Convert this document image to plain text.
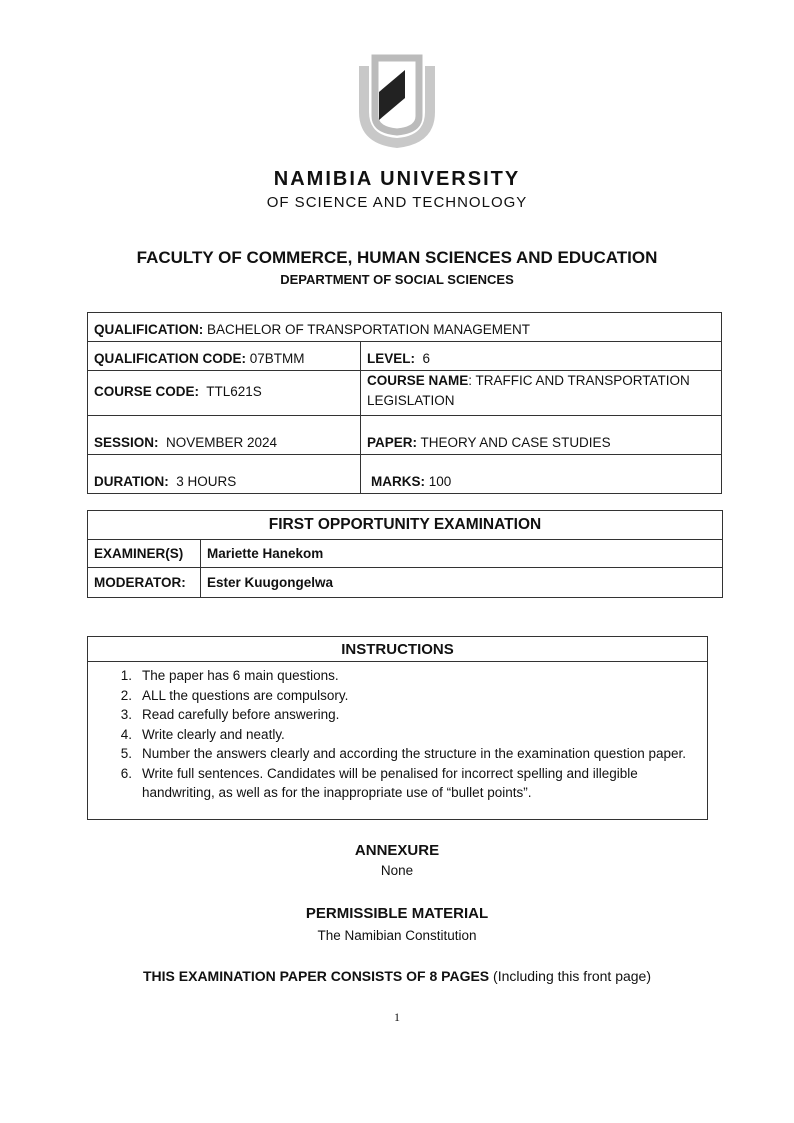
NAMIBIA UNIVERSITY
OF SCIENCE AND TECHNOLOGY
FACULTY OF COMMERCE, HUMAN SCIENCES AND EDUCATION
DEPARTMENT OF SOCIAL SCIENCES
QUALIFICATION: BACHELOR OF TRANSPORTATION MANAGEMENT	
QUALIFICATION CODE: 07BTMM	LEVEL:  6
COURSE CODE:  TTL621S	COURSE NAME: TRAFFIC AND TRANSPORTATION LEGISLATION
SESSION:  NOVEMBER 2024	PAPER: THEORY AND CASE STUDIES
DURATION:  3 HOURS	MARKS: 100
FIRST OPPORTUNITY EXAMINATION	
EXAMINER(S)	Mariette Hanekom
MODERATOR:	Ester Kuugongelwa
INSTRUCTIONS
1. The paper has 6 main questions.
2. ALL the questions are compulsory.
3. Read carefully before answering.
4. Write clearly and neatly.
5. Number the answers clearly and according the structure in the examination question paper.
6. Write full sentences. Candidates will be penalised for incorrect spelling and illegible handwriting, as well as for the inappropriate use of “bullet points”.
ANNEXURE
None
PERMISSIBLE MATERIAL
The Namibian Constitution
THIS EXAMINATION PAPER CONSISTS OF 8 PAGES (Including this front page)
1
